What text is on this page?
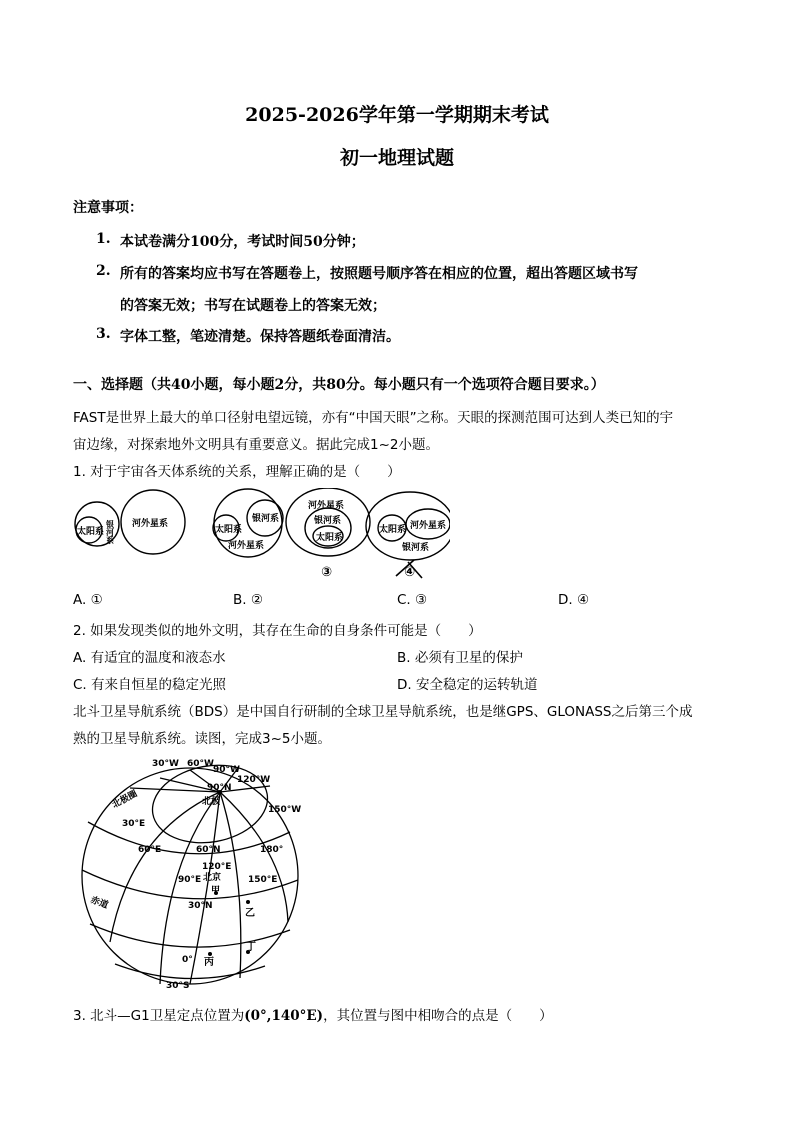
2025-2026学年第一学期期末考试
初一地理试题
注意事项：
1. 本试卷满分100分，考试时间50分钟；
2. 所有的答案均应书写在答题卷上，按照题号顺序答在相应的位置，超出答题区域书写
的答案无效；书写在试题卷上的答案无效；
3. 字体工整，笔迹清楚。保持答题纸卷面清洁。
一、选择题（共40小题，每小题2分，共80分。每小题只有一个选项符合题目要求。）
FAST是世界上最大的单口径射电望远镜，亦有“中国天眼”之称。天眼的探测范围可达到人类已知的宇
宙边缘，对探索地外文明具有重要意义。据此完成1~2小题。
1. 对于宇宙各天体系统的关系，理解正确的是（　　）
太阳系 银河系 河外星系
太阳系
银河系
河外星系
河外星系
银河系
太阳系
③
太阳系 河外星系
银河系
④
A. ①	B. ②	C. ③	D. ④
2. 如果发现类似的地外文明，其存在生命的自身条件可能是（　　）
A. 有适宜的温度和液态水	B. 必须有卫星的保护
C. 有来自恒星的稳定光照	D. 安全稳定的运转轨道
北斗卫星导航系统（BDS）是中国自行研制的全球卫星导航系统，也是继GPS、GLONASS之后第三个成
熟的卫星导航系统。读图，完成3~5小题。
30°W 60°W
90°W
120°W
150°W
90°N
北极
北极圈
30°E
60°E	60°N	180°
120°E
90°E 北京
甲
150°E
30°N
乙
丁
丙
0°
30°S
赤道
3. 北斗—G1卫星定点位置为(0°,140°E)，其位置与图中相吻合的点是（　　）
